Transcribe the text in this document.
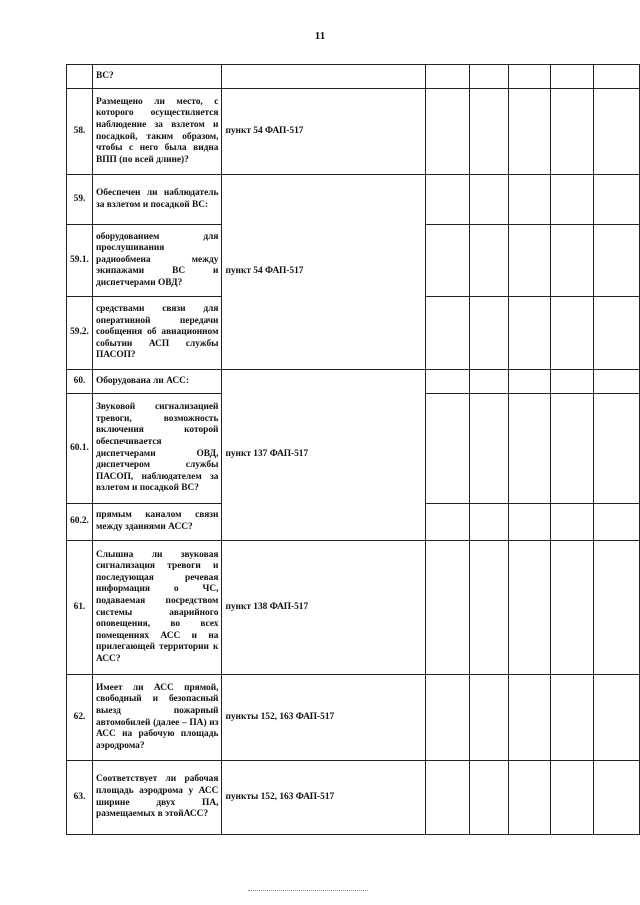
11
	ВС?						
58.	Размещено ли место, с которого осуществляется наблюдение за взлетом и посадкой, таким образом, чтобы с него была видна ВПП (по всей длине)?	пункт 54 ФАП-517					
59.	Обеспечен ли наблюдатель за взлетом и посадкой ВС:	пункт 54 ФАП-517					
59.1.	оборудованием для прослушивания радиообмена между экипажами ВС и диспетчерами ОВД?						
59.2.	средствами связи для оперативной передачи сообщения об авиационном событии АСП службы ПАСОП?						
60.	Оборудована ли АСС:	пункт 137 ФАП-517					
60.1.	Звуковой сигнализацией тревоги, возможность включения которой обеспечивается диспетчерами ОВД, диспетчером службы ПАСОП, наблюдателем за взлетом и посадкой ВС?						
60.2.	прямым каналом связи между зданиями АСС?						
61.	Слышна ли звуковая сигнализация тревоги и последующая речевая информация о ЧС, подаваемая посредством системы аварийного оповещения, во всех помещениях АСС и на прилегающей территории к АСС?	пункт 138 ФАП-517					
62.	Имеет ли АСС прямой, свободный и безопасный выезд пожарный автомобилей (далее – ПА) из АСС на рабочую площадь аэродрома?	пункты 152, 163 ФАП-517					
63.	Соответствует ли рабочая площадь аэродрома у АСС ширине двух ПА, размещаемых в этойАСС?	пункты 152, 163 ФАП-517					
